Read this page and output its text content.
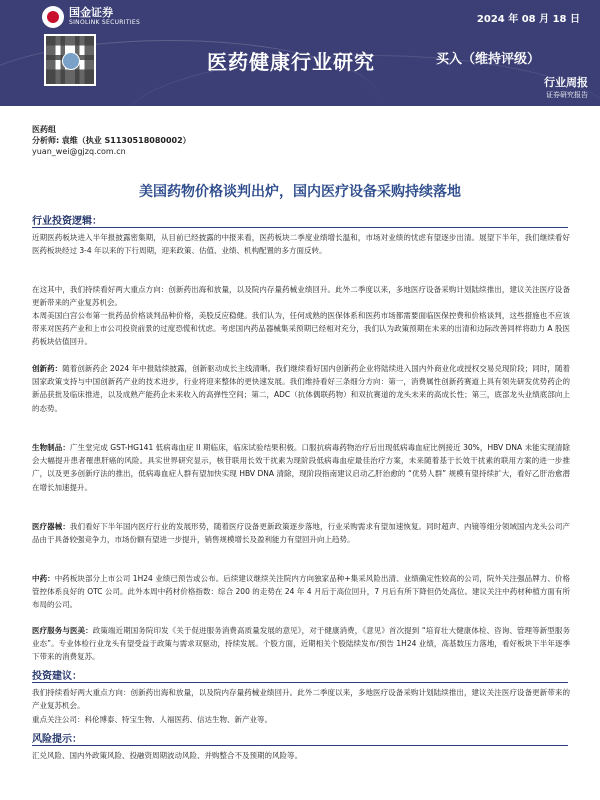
国金证券
SINOLINK SECURITIES	2024 年 08 月 18 日
医药健康行业研究	买入（维持评级）
行业周报
证券研究报告
医药组
分析师: 袁维（执业 S1130518080002）
yuan_wei@gjzq.com.cn
美国药物价格谈判出炉，国内医疗设备采购持续落地
行业投资逻辑：

近期医药板块进入半年报披露密集期，从目前已经披露的中报来看，医药板块二季度业绩增长温和，市场对业绩的忧虑有望逐步出清。展望下半年，我们继续看好医药板块经过 3-4 年以来的下行周期，迎来政策、估值、业绩、机构配置的多方面反转。

在这其中，我们持续看好两大重点方向：创新药出海和放量，以及院内存量药械业绩回升。此外二季度以来，多地医疗设备采购计划陆续推出，建议关注医疗设备更新带来的产业复苏机会。

本周美国白宫公布第一批药品价格谈判品种价格，美股反应稳健。我们认为，任何成熟的医保体系和医药市场都需要面临医保控费和价格谈判，这些措施也不应该带来对医药产业和上市公司投资前景的过度恐慌和忧虑。考虑国内药品器械集采预期已经相对充分，我们认为政策预期在未来的出清和边际改善同样将助力 A 股医药板块估值回升。

创新药：随着创新药企 2024 年中报陆续披露，创新驱动成长主线清晰。我们继续看好国内创新药企业将陆续进入国内外商业化或授权交易兑现阶段；同时，随着国家政策支持与中国创新药产业的技术进步，行业将迎来整体的更快速发展。我们维持看好三条细分方向：第一，消费属性创新药赛道上具有领先研发优势药企的新品获批及临床推进，以及成熟产能药企未来收入的高弹性空间；第二，ADC（抗体偶联药物）和双抗赛道的龙头未来的高成长性；第三，底部龙头业绩底部向上的态势。

生物制品：广生堂完成 GST-HG141 低病毒血症 II 期临床，临床试验结果积极。口服抗病毒药物治疗后出现低病毒血症比例接近 30%，HBV DNA 未能实现清除会大幅提升患者罹患肝癌的风险。具实世界研究显示，核苷联用长效干扰素为现阶段低病毒血症最佳治疗方案，未来随着基于长效干扰素的联用方案的进一步推广，以及更多创新疗法的推出，低病毒血症人群有望加快实现 HBV DNA 清除，现阶段指南建议启动乙肝治愈的 “优势人群” 规模有望持续扩大，看好乙肝治愈潜在增长加速提升。

医疗器械：我们看好下半年国内医疗行业的发展形势，随着医疗设备更新政策逐步落地，行业采购需求有望加速恢复。同时超声、内镜等细分领域国内龙头公司产品由于具备较强竞争力，市场份额有望进一步提升，销售规模增长及盈利能力有望回升向上趋势。

中药：中药板块部分上市公司 1H24 业绩已预告或公布。后续建议继续关注院内方向独家品种+集采风险出清、业绩确定性较高的公司，院外关注强品牌力、价格管控体系良好的 OTC 公司。此外本周中药材价格指数：综合 200 的走势在 24 年 4 月后于高位回升，7 月后有所下降但仍处高位。建议关注中药材种植方面有所布局的公司。

医疗服务与医美：政策端近期国务院印发《关于促进服务消费高质量发展的意见》，对于健康消费，《意见》首次提到 “培育壮大健康体检、咨询、管理等新型服务业态”。专业体检行业龙头有望受益于政策与需求双驱动，持续发展。个股方面，近期相关个股陆续发布/预告 1H24 业绩，高基数压力落地，看好板块下半年逐季下带来的消费复苏。

投资建议：

我们持续看好两大重点方向：创新药出海和放量，以及院内存量药械业绩回升。此外二季度以来，多地医疗设备采购计划陆续推出，建议关注医疗设备更新带来的产业复苏机会。

重点关注公司：科伦博泰、特宝生物、人福医药、信达生物、新产业等。

风险提示：

汇兑风险、国内外政策风险、投融资周期波动风险、并购整合不及预期的风险等。
